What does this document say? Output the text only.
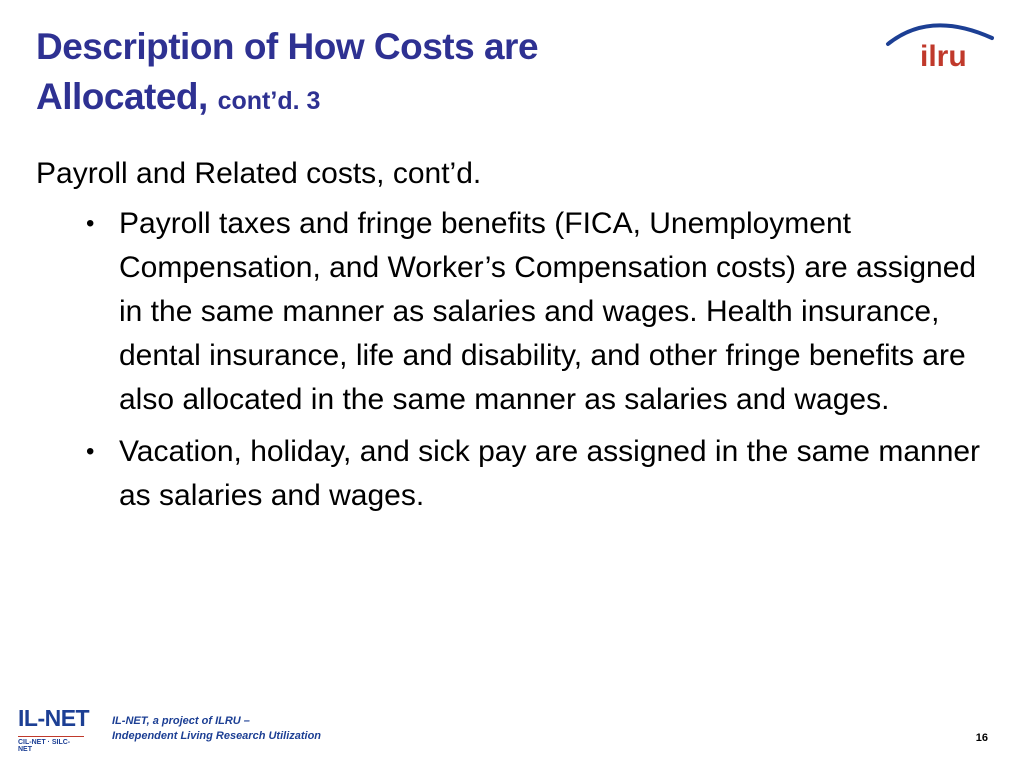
Description of How Costs are
Allocated, cont’d. 3
ilru
Payroll and Related costs, cont’d.
• Payroll taxes and fringe benefits (FICA, Unemployment Compensation, and Worker’s Compensation costs) are assigned in the same manner as salaries and wages. Health insurance, dental insurance, life and disability, and other fringe benefits are also allocated in the same manner as salaries and wages.
• Vacation, holiday, and sick pay are assigned in the same manner as salaries and wages.
IL-NET
CIL-NET · SILC-NET
IL-NET, a project of ILRU –
Independent Living Research Utilization	16
